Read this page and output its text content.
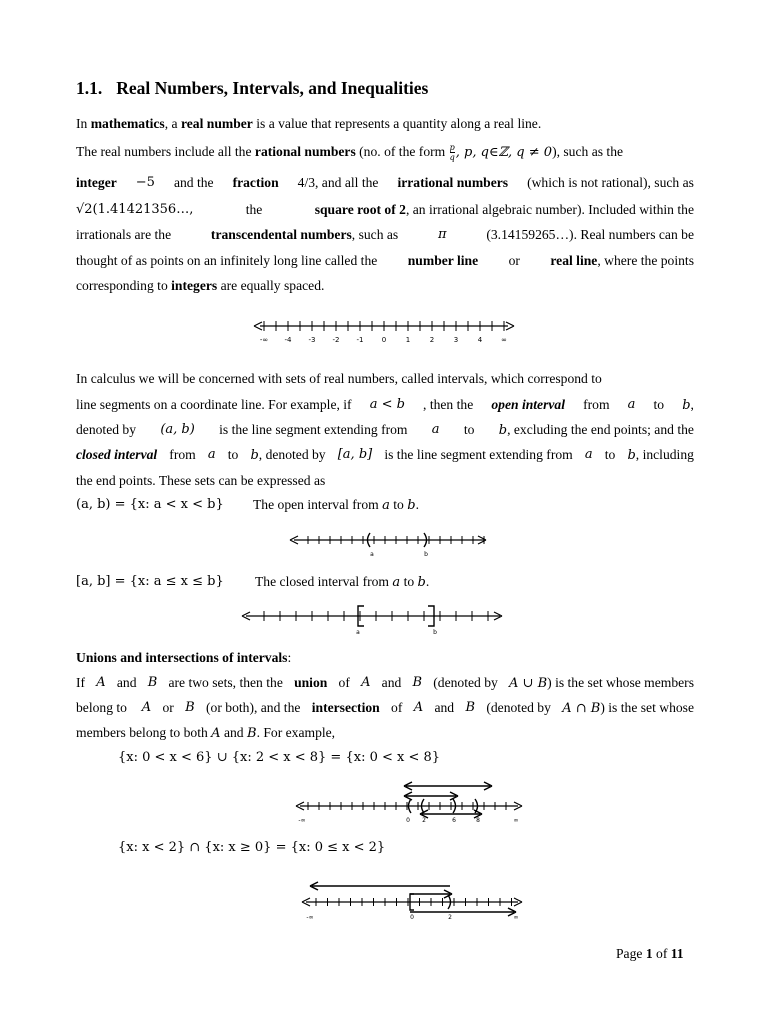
1.1. Real Numbers, Intervals, and Inequalities
In mathematics, a real number is a value that represents a quantity along a real line.
The real numbers include all the rational numbers (no. of the form $\frac{p}{q}$ , p, q∈ℤ, q ≠ 0), such as the
integer −5 and the fraction 4/3, and all the irrational numbers (which is not rational), such as
√2(1.41421356…,	the	square root of 2, an irrational algebraic number). Included within the
irrationals are the	transcendental numbers, such as	π	(3.14159265…). Real numbers can be
thought of as points on an infinitely long line called the number line or real line, where the points
corresponding to integers are equally spaced.
-∞ -4 -3 -2 -1	0	1	2	3	4	∞
In calculus we will be concerned with sets of real numbers, called intervals, which correspond to
line segments on a coordinate line. For example, if a < b , then the open interval from a to b,
denoted by (a, b) is the line segment extending from a to b, excluding the end points; and the
closed interval from a to b, denoted by [a, b] is the line segment extending from a to b, including
the end points. These sets can be expressed as
(a, b) = {x: a < x < b} The open interval from a to b.
a	b
[a, b] = {x: a ≤ x ≤ b} The closed interval from a to b.
a	b
Unions and intersections of intervals:
If A and B are two sets, then the union of A and B (denoted by A ∪ B) is the set whose members
belong to A or B (or both), and the intersection of A and B (denoted by A ∩ B) is the set whose
members belong to both A and B. For example,
{x: 0 < x < 6} ∪ {x: 2 < x < 8} = {x: 0 < x < 8}
-∞	0 2	6	8	∞
{x: x < 2} ∩ {x: x ≥ 0} = {x: 0 ≤ x < 2}
-∞	0	2	∞
Page 1 of 11
